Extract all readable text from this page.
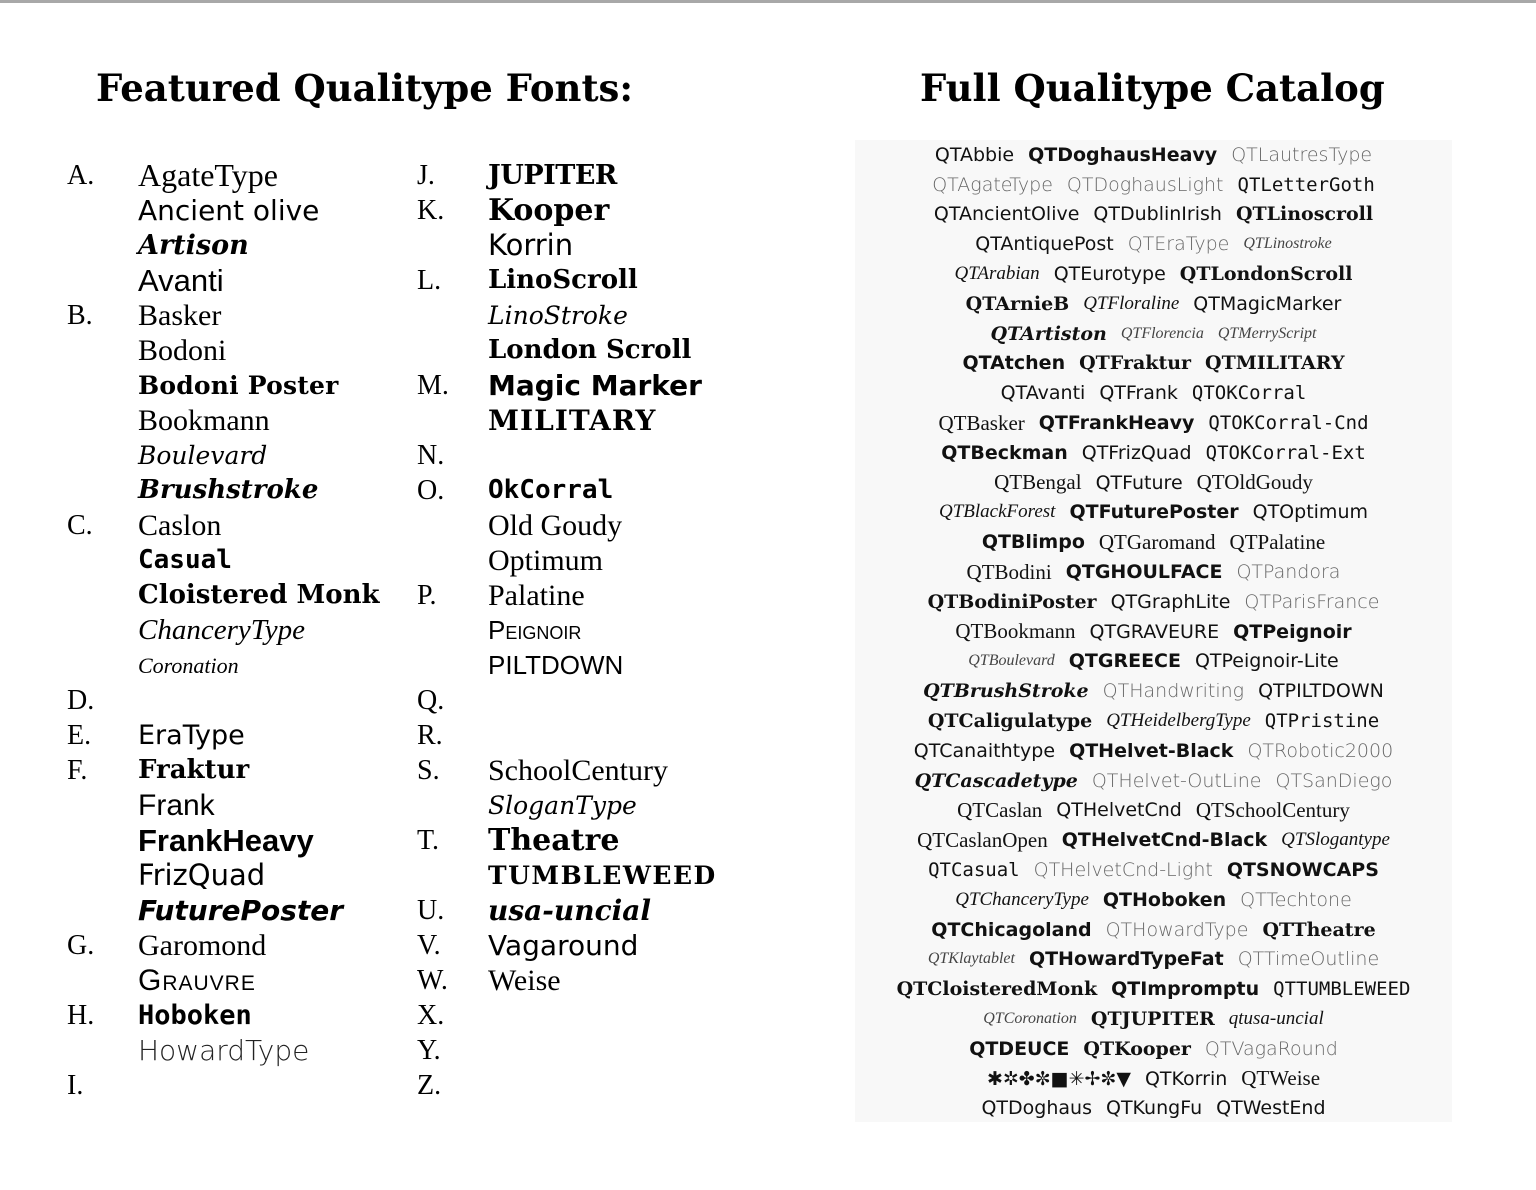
Featured Qualitype Fonts:	Full Qualitype Catalog
A.	AgateType
Ancient olive
Artison
Avanti
B.	Basker
Bodoni
Bodoni Poster
Bookmann
Boulevard
Brushstroke
C.	Caslon
Casual
Cloistered Monk
ChanceryType
Coronation
D.
E.	EraType
F.	Fraktur
Frank
FrankHeavy
FrizQuad
FuturePoster
G.	Garomond
Grauvre
H.	Hoboken
HowardType
I.
J.	JUPITER
K.	Kooper
Korrin
L.	LinoScroll
LinoStroke
London Scroll
M.	Magic Marker
MILITARY
N.
O.	OkCorral
Old Goudy
Optimum
P.	Palatine
Peignoir
PILTDOWN
Q.
R.
S.	SchoolCentury
SloganType
T.	Theatre
TUMBLEWEED
U.	usa-uncial
V.	Vagaround
W.	Weise
X.
Y.
Z.
QTAbbie QTDoghausHeavy QTLautresType
QTAgateType QTDoghausLight QTLetterGoth
QTAncientOlive QTDublinIrish QTLinoscroll
QTAntiquePost QTEraType QTLinostroke
QTArabian QTEurotype QTLondonScroll
QTArnieB QTFloraline QTMagicMarker
QTArtiston QTFlorencia QTMerryScript
QTAtchen QTFraktur QTMILITARY
QTAvanti QTFrank QTOKCorral
QTBasker QTFrankHeavy QTOKCorral-Cnd
QTBeckman QTFrizQuad QTOKCorral-Ext
QTBengal QTFuture QTOldGoudy
QTBlackForest QTFuturePoster QTOptimum
QTBlimpo QTGaromand QTPalatine
QTBodini QTGHOULFACE QTPandora
QTBodiniPoster QTGraphLite QTParisFrance
QTBookmann QTGRAVEURE QTPeignoir
QTBoulevard QTGREECE QTPeignoir-Lite
QTBrushStroke QTHandwriting QTPILTDOWN
QTCaligulatype QTHeidelbergType QTPristine
QTCanaithtype QTHelvet-Black QTRobotic2000
QTCascadetype QTHelvet-OutLine QTSanDiego
QTCaslan QTHelvetCnd QTSchoolCentury
QTCaslanOpen QTHelvetCnd-Black QTSlogantype
QTCasual QTHelvetCnd-Light QTSNOWCAPS
QTChanceryType QTHoboken QTTechtone
QTChicagoland QTHowardType QTTheatre
QTKlaytablet QTHowardTypeFat QTTimeOutline
QTCloisteredMonk QTImpromptu QTTUMBLEWEED
QTCoronation QTJUPITER qtusa-uncial
QTDEUCE QTKooper QTVagaRound
✱✲✤✼■✳✢✼▼ QTKorrin QTWeise
QTDoghaus QTKungFu QTWestEnd
